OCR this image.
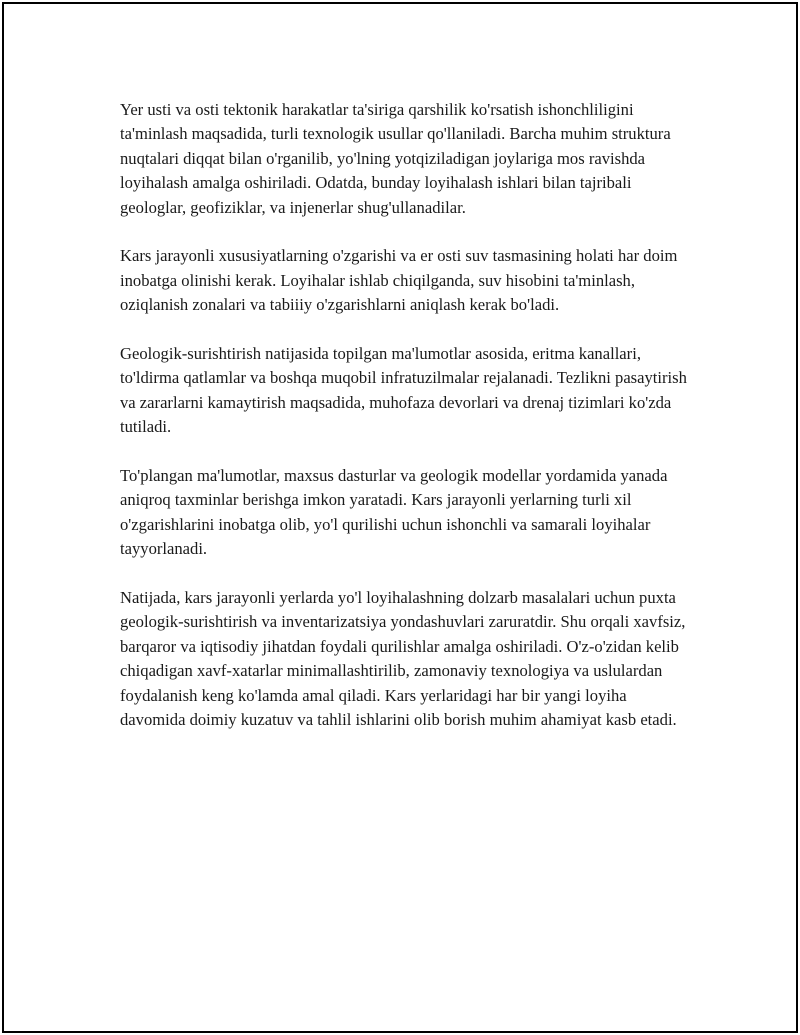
Yer usti va osti tektonik harakatlar ta'siriga qarshilik ko'rsatish ishonchliligini ta'minlash maqsadida, turli texnologik usullar qo'llaniladi. Barcha muhim struktura nuqtalari diqqat bilan o'rganilib, yo'lning yotqiziladigan joylariga mos ravishda loyihalash amalga oshiriladi. Odatda, bunday loyihalash ishlari bilan tajribali geologlar, geofiziklar, va injenerlar shug'ullanadilar.

Kars jarayonli xususiyatlarning o'zgarishi va er osti suv tasmasining holati har doim inobatga olinishi kerak. Loyihalar ishlab chiqilganda, suv hisobini ta'minlash, oziqlanish zonalari va tabiiiy o'zgarishlarni aniqlash kerak bo'ladi.

Geologik-surishtirish natijasida topilgan ma'lumotlar asosida, eritma kanallari, to'ldirma qatlamlar va boshqa muqobil infratuzilmalar rejalanadi. Tezlikni pasaytirish va zararlarni kamaytirish maqsadida, muhofaza devorlari va drenaj tizimlari ko'zda tutiladi.

To'plangan ma'lumotlar, maxsus dasturlar va geologik modellar yordamida yanada aniqroq taxminlar berishga imkon yaratadi. Kars jarayonli yerlarning turli xil o'zgarishlarini inobatga olib, yo'l qurilishi uchun ishonchli va samarali loyihalar tayyorlanadi.

Natijada, kars jarayonli yerlarda yo'l loyihalashning dolzarb masalalari uchun puxta geologik-surishtirish va inventarizatsiya yondashuvlari zaruratdir. Shu orqali xavfsiz, barqaror va iqtisodiy jihatdan foydali qurilishlar amalga oshiriladi. O'z-o'zidan kelib chiqadigan xavf-xatarlar minimallashtirilib, zamonaviy texnologiya va uslulardan foydalanish keng ko'lamda amal qiladi. Kars yerlaridagi har bir yangi loyiha davomida doimiy kuzatuv va tahlil ishlarini olib borish muhim ahamiyat kasb etadi.
